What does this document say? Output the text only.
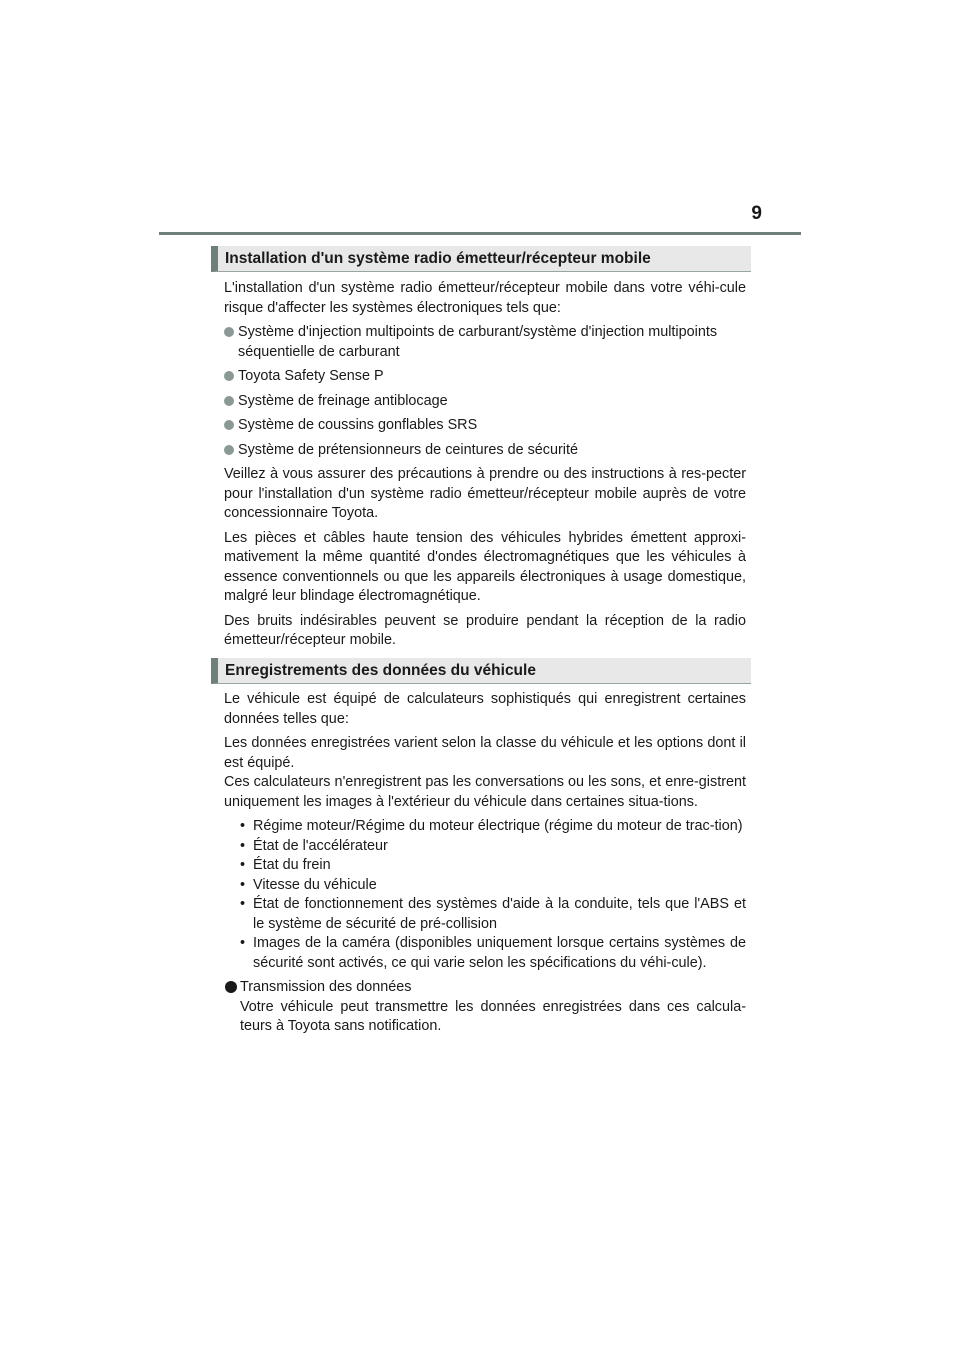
9
Installation d'un système radio émetteur/récepteur mobile

L'installation d'un système radio émetteur/récepteur mobile dans votre véhi-cule risque d'affecter les systèmes électroniques tels que:

Système d'injection multipoints de carburant/système d'injection multipoints séquentielle de carburant
Toyota Safety Sense P
Système de freinage antiblocage
Système de coussins gonflables SRS
Système de prétensionneurs de ceintures de sécurité

Veillez à vous assurer des précautions à prendre ou des instructions à res-pecter pour l'installation d'un système radio émetteur/récepteur mobile auprès de votre concessionnaire Toyota.

Les pièces et câbles haute tension des véhicules hybrides émettent approxi-mativement la même quantité d'ondes électromagnétiques que les véhicules à essence conventionnels ou que les appareils électroniques à usage domestique, malgré leur blindage électromagnétique.

Des bruits indésirables peuvent se produire pendant la réception de la radio émetteur/récepteur mobile.

Enregistrements des données du véhicule

Le véhicule est équipé de calculateurs sophistiqués qui enregistrent certaines données telles que:

Les données enregistrées varient selon la classe du véhicule et les options dont il est équipé.

Ces calculateurs n'enregistrent pas les conversations ou les sons, et enre-gistrent uniquement les images à l'extérieur du véhicule dans certaines situa-tions.

• Régime moteur/Régime du moteur électrique (régime du moteur de trac-tion)
• État de l'accélérateur
• État du frein
• Vitesse du véhicule
• État de fonctionnement des systèmes d'aide à la conduite, tels que l'ABS et le système de sécurité de pré-collision
• Images de la caméra (disponibles uniquement lorsque certains systèmes de sécurité sont activés, ce qui varie selon les spécifications du véhi-cule).
Transmission des données
Votre véhicule peut transmettre les données enregistrées dans ces calcula-teurs à Toyota sans notification.
